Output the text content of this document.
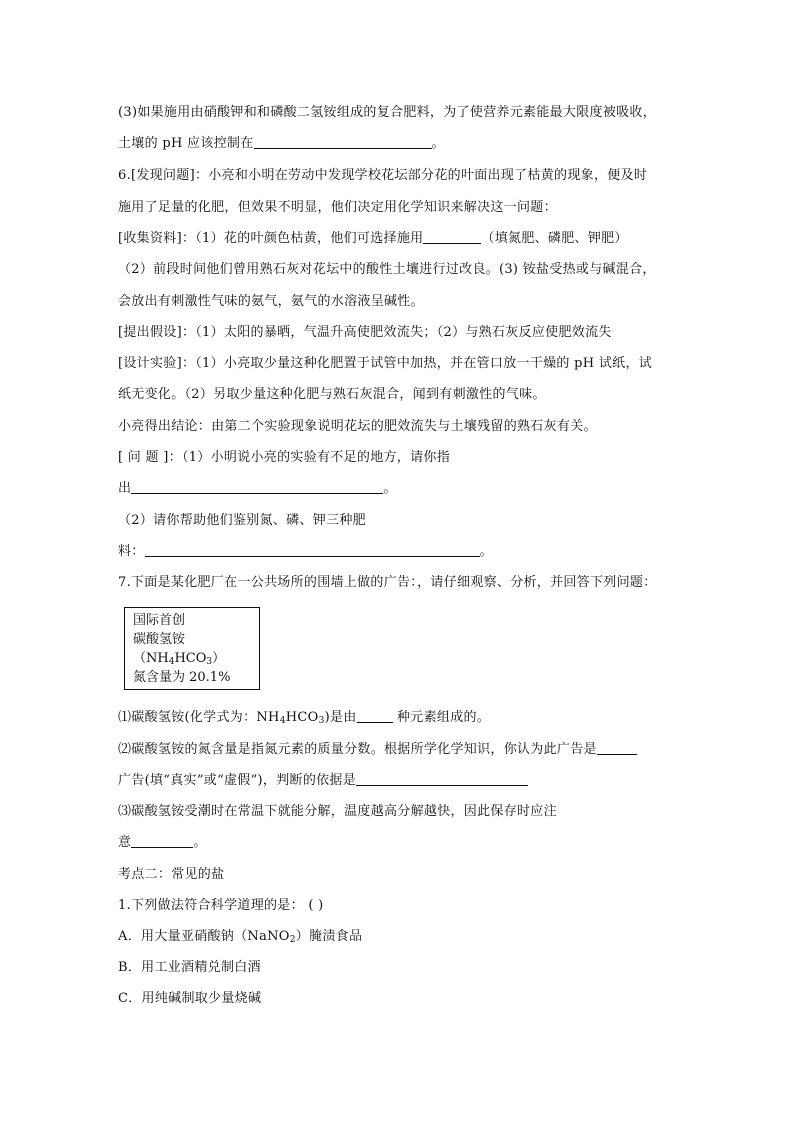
(3)如果施用由硝酸钾和和磷酸二氢铵组成的复合肥料，为了使营养元素能最大限度被吸收，
土壤的 pH 应该控制在	。
6.[发现问题]：小亮和小明在劳动中发现学校花坛部分花的叶面出现了枯黄的现象，便及时
施用了足量的化肥，但效果不明显，他们决定用化学知识来解决这一问题：
[收集资料]：（1）花的叶颜色枯黄，他们可选择施用	（填氮肥、磷肥、钾肥）
（2）前段时间他们曾用熟石灰对花坛中的酸性土壤进行过改良。(3) 铵盐受热或与碱混合，
会放出有刺激性气味的氨气，氨气的水溶液呈碱性。
[提出假设]：（1）太阳的暴晒，气温升高使肥效流失；（2）与熟石灰反应使肥效流失
[设计实验]：（1）小亮取少量这种化肥置于试管中加热，并在管口放一干燥的 pH 试纸，试
纸无变化。（2）另取少量这种化肥与熟石灰混合，闻到有刺激性的气味。
小亮得出结论：由第二个实验现象说明花坛的肥效流失与土壤残留的熟石灰有关。
[ 问 题 ]：（1）小明说小亮的实验有不足的地方，请你指
出	。
（2）请你帮助他们鉴别氮、磷、钾三种肥
料：	。
7.下面是某化肥厂在一公共场所的围墙上做的广告：，请仔细观察、分析，并回答下列问题：
国际首创
碳酸氢铵
$(NH_4HCO_3)$
氮含量为 20.1%
⑴碳酸氢铵(化学式为：$NH_4HCO_3$)是由	种元素组成的。
⑵碳酸氢铵的氮含量是指氮元素的质量分数。根据所学化学知识，你认为此广告是
广告(填“真实”或“虚假”)，判断的依据是
⑶碳酸氢铵受潮时在常温下就能分解，温度越高分解越快，因此保存时应注
意	。
考点二：常见的盐
1.下列做法符合科学道理的是： ( )
A．用大量亚硝酸钠（NaNO$_2$）腌渍食品
B．用工业酒精兑制白酒
C．用纯碱制取少量烧碱
